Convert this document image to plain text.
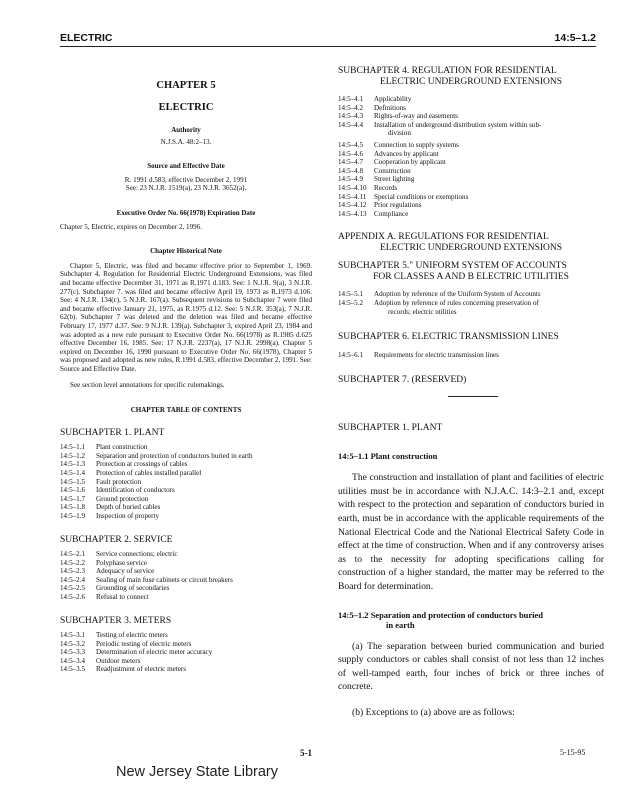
ELECTRIC	14:5–1.2
CHAPTER 5
ELECTRIC
Authority
N.J.S.A. 48:2–13.
Source and Effective Date
R. 1991 d.583, effective December 2, 1991
See: 23 N.J.R. 1519(a), 23 N.J.R. 3652(a).
Executive Order No. 66(1978) Expiration Date
Chapter 5, Electric, expires on December 2, 1996.
Chapter Historical Note

Chapter 5, Electric, was filed and became effective prior to September 1, 1969. Subchapter 4, Regulation for Residential Electric Underground Extensions, was filed and became effective December 31, 1971 as R.1971 d.183. See: 1 N.J.R. 9(a), 3 N.J.R. 277(c). Subchapter 7. was filed and became effective April 19, 1973 as R.1973 d.106. See: 4 N.J.R. 134(c), 5 N.J.R. 167(a). Subsequent revisions to Subchapter 7 were filed and became effective January 21, 1975, as R.1975 d.12. See: 5 N.J.R. 353(a), 7 N.J.R. 62(b). Subchapter 7 was deleted and the deletion was filed and became effective February 17, 1977 d.37. See: 9 N.J.R. 139(a). Subchapter 3, expired April 23, 1984 and was adopted as a new rule pursuant to Executive Order No. 66(1978) as R.1985 d.625 effective December 16, 1985. See: 17 N.J.R. 2237(a), 17 N.J.R. 2998(a). Chapter 5 expired on December 16, 1990 pursuant to Executive Order No. 66(1978), Chapter 5 was proposed and adopted as new rules, R.1991 d.583, effective December 2, 1991. See: Source and Effective Date.

See section level annotations for specific rulemakings.

CHAPTER TABLE OF CONTENTS
SUBCHAPTER 1. PLANT
14:5–1.1	Plant construction
14:5–1.2	Separation and protection of conductors buried in earth
14:5–1.3	Protection at crossings of cables
14:5–1.4	Protection of cables installed parallel
14:5–1.5	Fault protection
14:5–1.6	Identification of conductors
14:5–1.7	Ground protection
14:5–1.8	Depth of buried cables
14:5–1.9	Inspection of property
SUBCHAPTER 2. SERVICE
14:5–2.1	Service connections; electric
14:5–2.2	Polyphase service
14:5–2.3	Adequacy of service
14:5–2.4	Sealing of main fuse cabinets or circuit breakers
14:5–2.5	Grounding of secondaries
14:5–2.6	Refusal to connect
SUBCHAPTER 3. METERS
14:5–3.1	Testing of electric meters
14:5–3.2	Periodic testing of electric meters
14:5–3.3	Determination of electric meter accuracy
14:5–3.4	Outdoor meters
14:5–3.5	Readjustment of electric meters
SUBCHAPTER 4. REGULATION FOR RESIDENTIAL
ELECTRIC UNDERGROUND EXTENSIONS
14:5–4.1	Applicability
14:5–4.2	Definitions
14:5–4.3	Rights-of-way and easements
14:5–4.4	Installation of underground distribution system within sub-
division
14:5–4.5	Connection to supply systems
14:5–4.6	Advances by applicant
14:5–4.7	Cooperation by applicant
14:5–4.8	Construction
14:5–4.9	Street lighting
14:5–4.10	Records
14:5–4.11	Special conditions or exemptions
14:5–4.12	Prior regulations
14:5–4.13	Compliance
APPENDIX A. REGULATIONS FOR RESIDENTIAL
ELECTRIC UNDERGROUND EXTENSIONS
SUBCHAPTER 5." UNIFORM SYSTEM OF ACCOUNTS
FOR CLASSES A AND B ELECTRIC UTILITIES
14:5–5.1	Adoption by reference of the Uniform System of Accounts
14:5–5.2	Adoption by reference of rules concerning preservation of
records; electric utilities
SUBCHAPTER 6. ELECTRIC TRANSMISSION LINES
14:5–6.1	Requirements for electric transmission lines
SUBCHAPTER 7. (RESERVED)
SUBCHAPTER 1. PLANT
14:5–1.1 Plant construction

The construction and installation of plant and facilities of electric utilities must be in accordance with N.J.A.C. 14:3–2.1 and, except with respect to the protection and separation of conductors buried in earth, must be in accordance with the applicable requirements of the National Electrical Code and the National Electrical Safety Code in effect at the time of construction. When and if any controversy arises as to the necessity for adopting specifications calling for construction of a higher standard, the matter may be referred to the Board for determination.

14:5–1.2 Separation and protection of conductors buried
in earth

(a) The separation between buried communication and buried supply conductors or cables shall consist of not less than 12 inches of well-tamped earth, four inches of brick or three inches of concrete.

(b) Exceptions to (a) above are as follows:

5-1	5-15-95
New Jersey State Library
